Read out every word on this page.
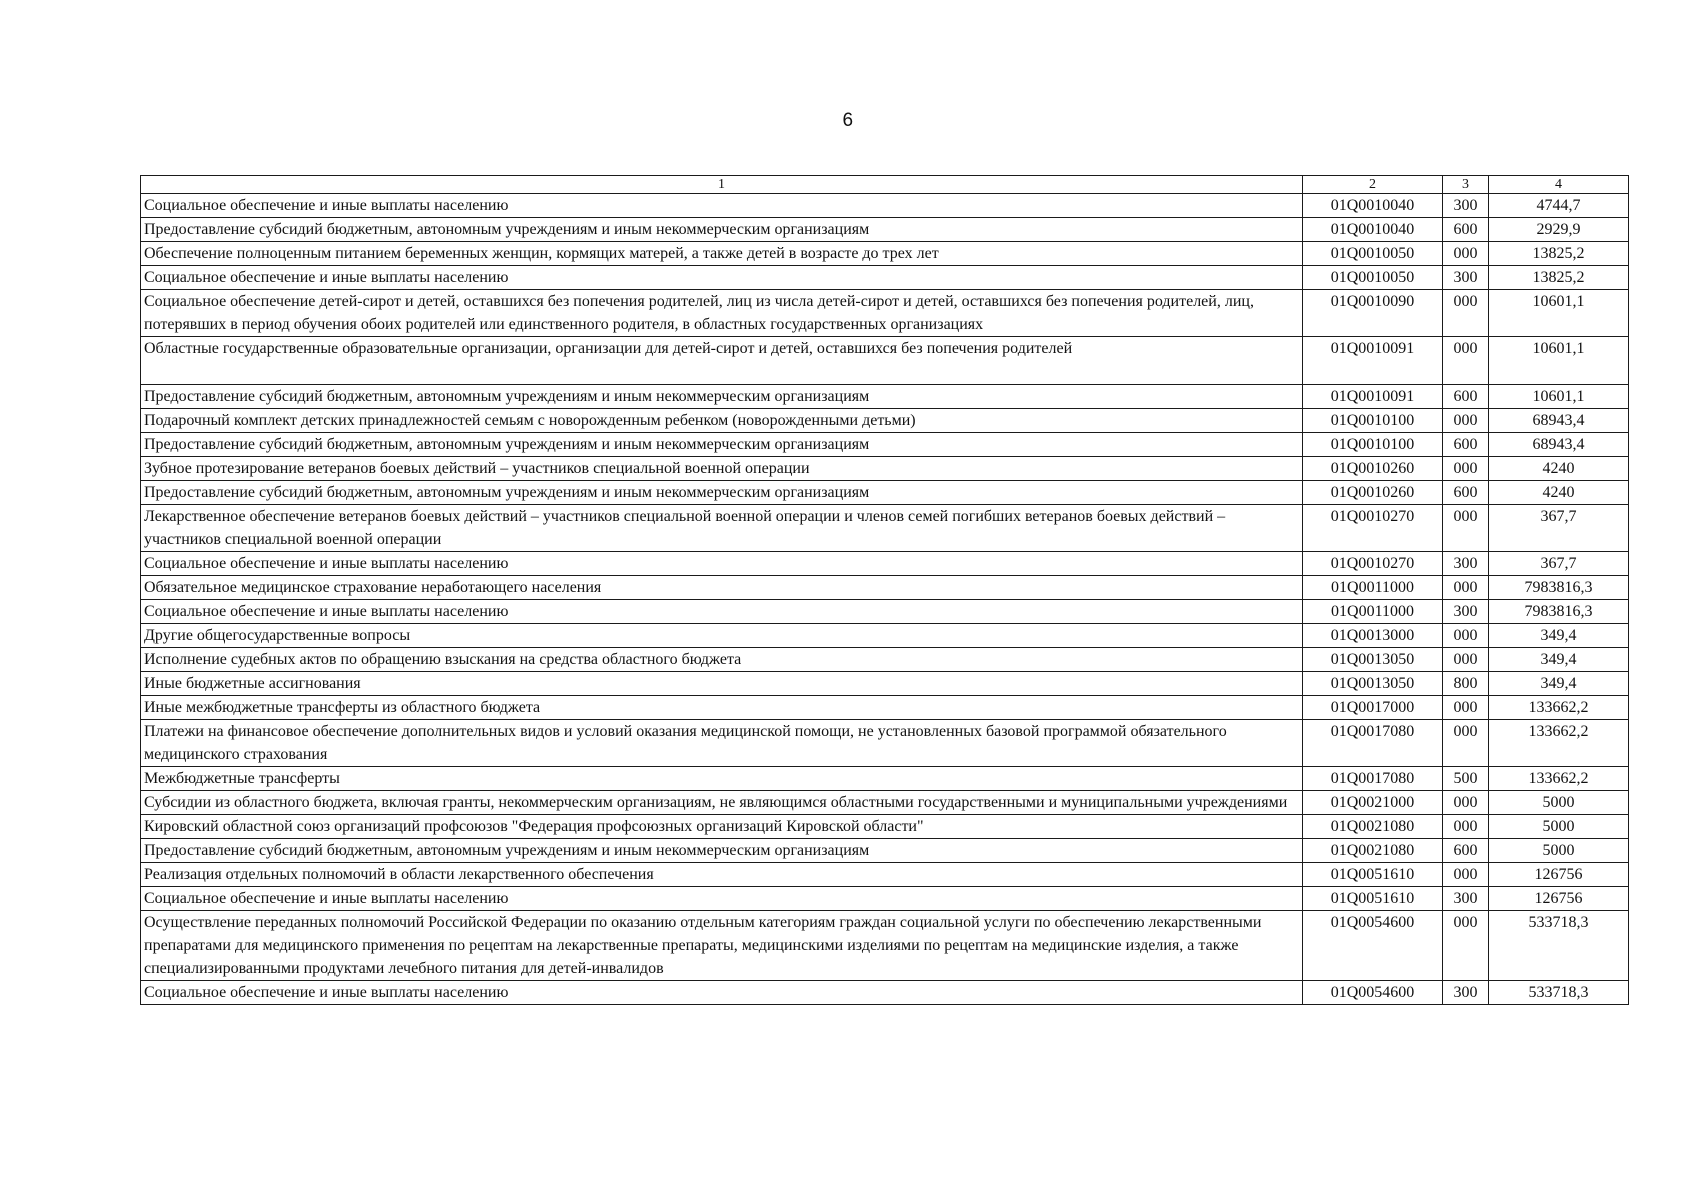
6
1	2	3	4
Социальное обеспечение и иные выплаты населению	01Q0010040	300	4744,7
Предоставление субсидий бюджетным, автономным учреждениям и иным некоммерческим организациям	01Q0010040	600	2929,9
Обеспечение полноценным питанием беременных женщин, кормящих матерей, а также детей в возрасте до трех лет	01Q0010050	000	13825,2
Социальное обеспечение и иные выплаты населению	01Q0010050	300	13825,2
Социальное обеспечение детей-сирот и детей, оставшихся без попечения родителей, лиц из числа детей-сирот и детей, оставшихся без попечения родителей, лиц, потерявших в период обучения обоих родителей или единственного родителя, в областных государственных организациях	01Q0010090	000	10601,1
Областные государственные образовательные организации, организации для детей-сирот и детей, оставшихся без попечения родителей	01Q0010091	000	10601,1
Предоставление субсидий бюджетным, автономным учреждениям и иным некоммерческим организациям	01Q0010091	600	10601,1
Подарочный комплект детских принадлежностей семьям с новорожденным ребенком (новорожденными детьми)	01Q0010100	000	68943,4
Предоставление субсидий бюджетным, автономным учреждениям и иным некоммерческим организациям	01Q0010100	600	68943,4
Зубное протезирование ветеранов боевых действий – участников специальной военной операции	01Q0010260	000	4240
Предоставление субсидий бюджетным, автономным учреждениям и иным некоммерческим организациям	01Q0010260	600	4240
Лекарственное обеспечение ветеранов боевых действий – участников специальной военной операции и членов семей погибших ветеранов боевых действий – участников специальной военной операции	01Q0010270	000	367,7
Социальное обеспечение и иные выплаты населению	01Q0010270	300	367,7
Обязательное медицинское страхование неработающего населения	01Q0011000	000	7983816,3
Социальное обеспечение и иные выплаты населению	01Q0011000	300	7983816,3
Другие общегосударственные вопросы	01Q0013000	000	349,4
Исполнение судебных актов по обращению взыскания на средства областного бюджета	01Q0013050	000	349,4
Иные бюджетные ассигнования	01Q0013050	800	349,4
Иные межбюджетные трансферты из областного бюджета	01Q0017000	000	133662,2
Платежи на финансовое обеспечение дополнительных видов и условий оказания медицинской помощи, не установленных базовой программой обязательного медицинского страхования	01Q0017080	000	133662,2
Межбюджетные трансферты	01Q0017080	500	133662,2
Субсидии из областного бюджета, включая гранты, некоммерческим организациям, не являющимся областными государственными и муниципальными учреждениями	01Q0021000	000	5000
Кировский областной союз организаций профсоюзов "Федерация профсоюзных организаций Кировской области"	01Q0021080	000	5000
Предоставление субсидий бюджетным, автономным учреждениям и иным некоммерческим организациям	01Q0021080	600	5000
Реализация отдельных полномочий в области лекарственного обеспечения	01Q0051610	000	126756
Социальное обеспечение и иные выплаты населению	01Q0051610	300	126756
Осуществление переданных полномочий Российской Федерации по оказанию отдельным категориям граждан социальной услуги по обеспечению лекарственными препаратами для медицинского применения по рецептам на лекарственные препараты, медицинскими изделиями по рецептам на медицинские изделия, а также специализированными продуктами лечебного питания для детей-инвалидов	01Q0054600	000	533718,3
Социальное обеспечение и иные выплаты населению	01Q0054600	300	533718,3
